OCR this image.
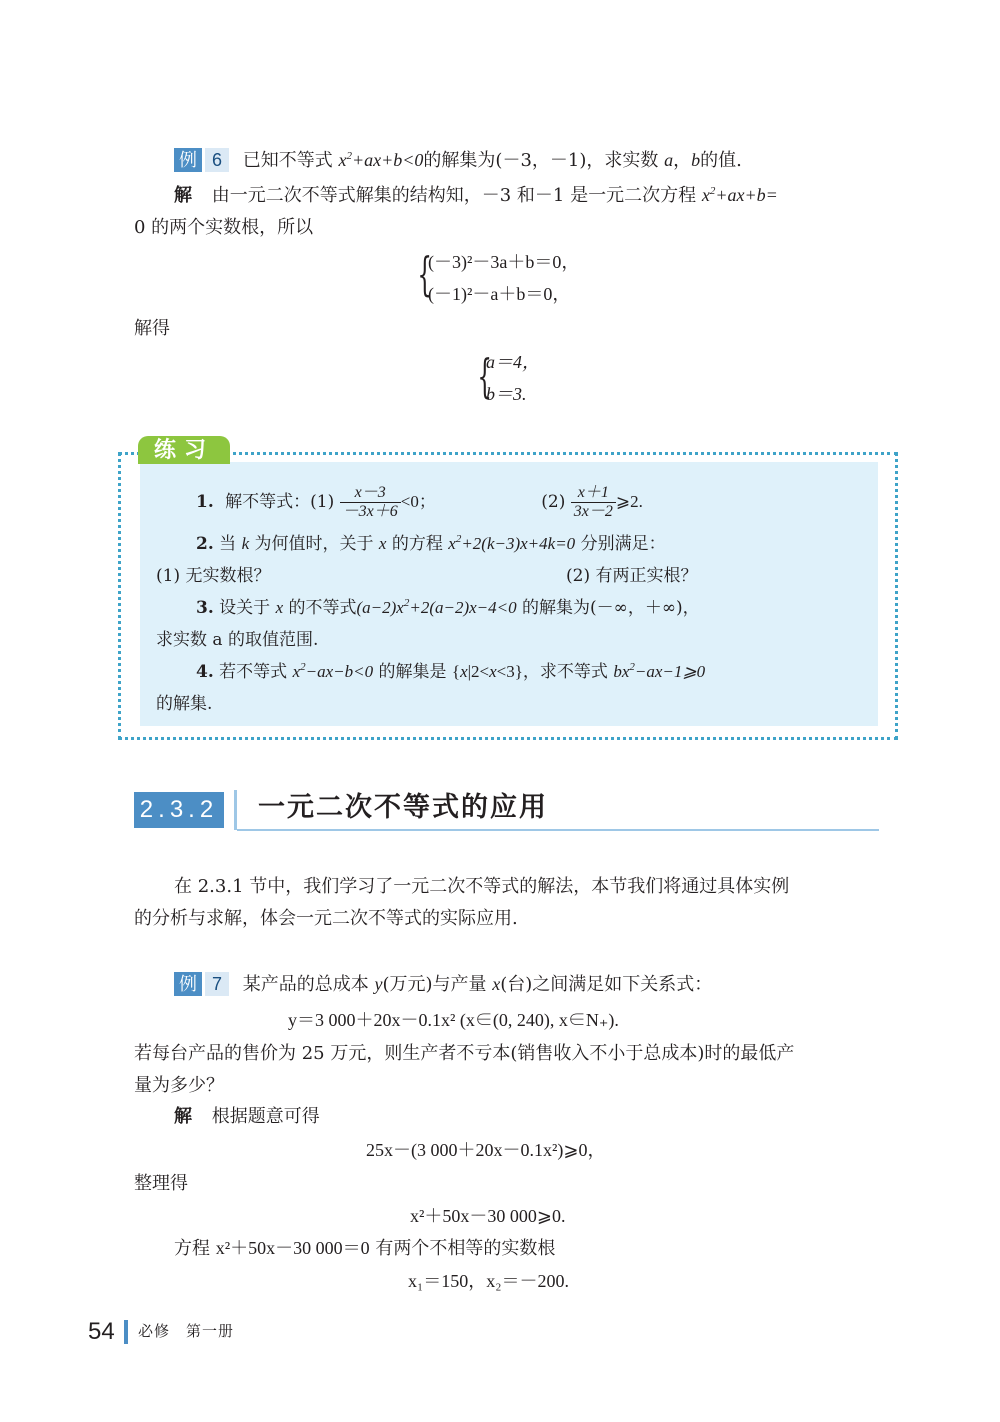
例 6	已知不等式 $x^2+ax+b<0$的解集为(－3，－1)，求实数 a，b的值.
解 由一元二次不等式解集的结构知，－3 和－1 是一元二次方程 $x^2+ax+b=$
0 的两个实数根，所以
{
(－3)²－3a＋b＝0，
(－1)²－a＋b＝0，
解得
{
a＝4，
b＝3.
练习
1. 解不等式：$(1) \frac{x-3}{-3x+6} <0$；	$(2) \frac{x+1}{3x-2}$ ⩾2.
2. 当 k 为何值时，关于 x 的方程 $x^2+2(k-3)x+4k=0$ 分别满足：
(1) 无实数根？	(2) 有两正实根？
3. 设关于 x 的不等式$(a-2)x^2+2(a-2)x-4<0$ 的解集为(－∞，＋∞)，
求实数 a 的取值范围.
4. 若不等式 $x^2-ax-b<0$ 的解集是 {x|2<x<3}，求不等式 $bx^2-ax-1⩾0$
的解集.
2.3.2 一元二次不等式的应用
在 2.3.1 节中，我们学习了一元二次不等式的解法，本节我们将通过具体实例
的分析与求解，体会一元二次不等式的实际应用.
例 7	某产品的总成本 y(万元)与产量 x(台)之间满足如下关系式：
y＝3 000＋20x－0.1x² (x∈(0, 240), x∈N₊).
若每台产品的售价为 25 万元，则生产者不亏本(销售收入不小于总成本)时的最低产
量为多少？
解 根据题意可得
25x－(3 000＋20x－0.1x²)⩾0，
整理得
x²＋50x－30 000⩾0.
方程 x²＋50x－30 000＝0 有两个不相等的实数根
x₁＝150，x₂＝－200.
54 必修　第一册
